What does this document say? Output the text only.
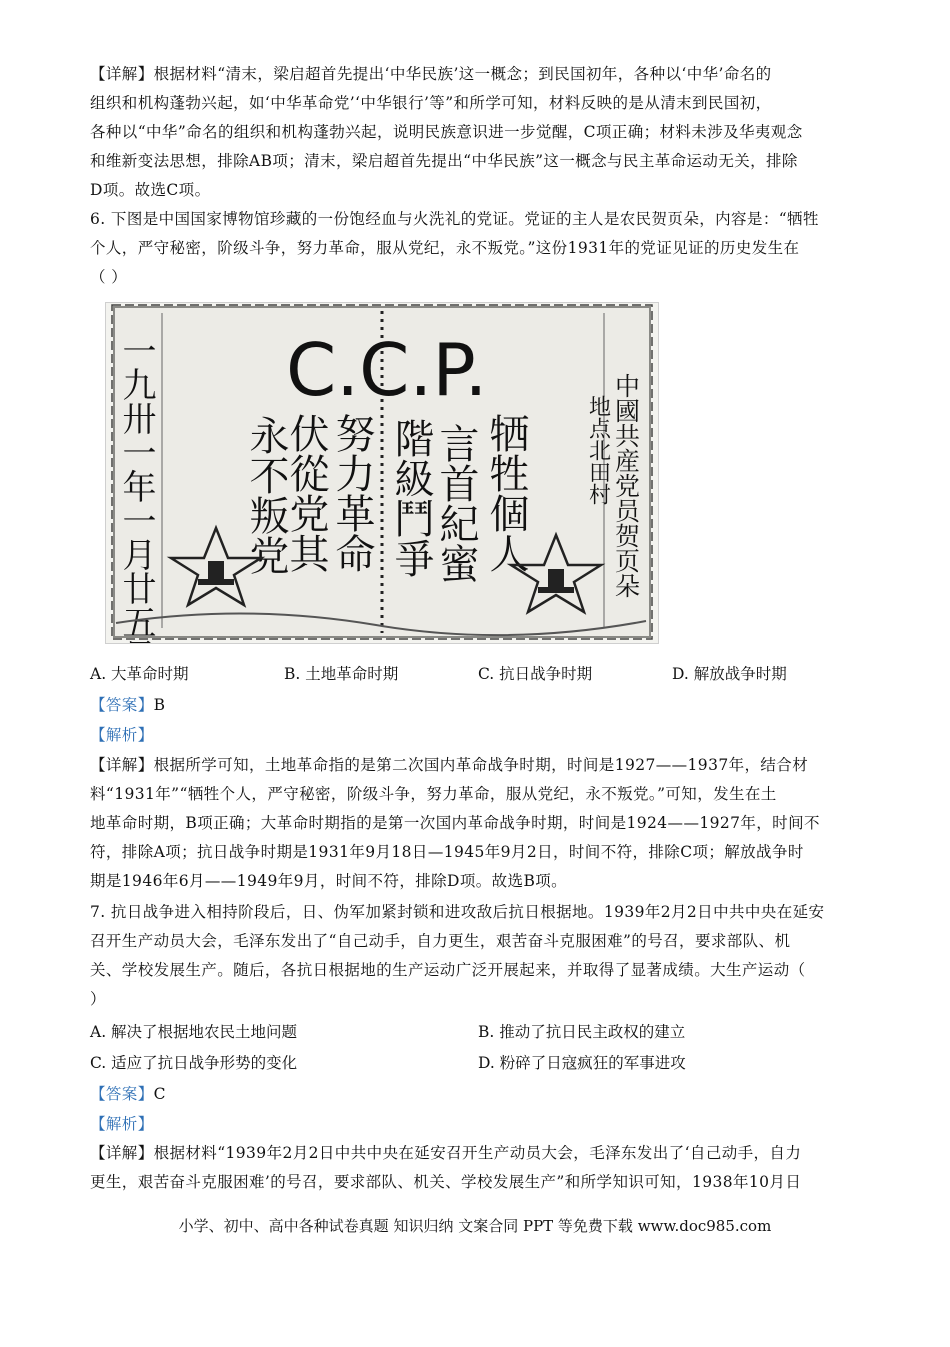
【详解】根据材料“清末，梁启超首先提出‘中华民族’这一概念；到民国初年，各种以‘中华’命名的
组织和机构蓬勃兴起，如‘中华革命党’‘中华银行’等”和所学可知，材料反映的是从清末到民国初，
各种以“中华”命名的组织和机构蓬勃兴起，说明民族意识进一步觉醒，C项正确；材料未涉及华夷观念
和维新变法思想，排除AB项；清末，梁启超首先提出“中华民族”这一概念与民主革命运动无关，排除
D项。故选C项。
6. 下图是中国国家博物馆珍藏的一份饱经血与火洗礼的党证。党证的主人是农民贺页朵，内容是：“牺牲
个人，严守秘密，阶级斗争，努力革命，服从党纪，永不叛党。”这份1931年的党证见证的历史发生在
（ ）
C.C.P.
一九卅一年一月廿五号	牺牲個人
言首紀蜜
階級鬥爭
努力革命
伏從党其
永不叛党	中國共産党员贺页朵
地点北田村
A. 大革命时期	B. 土地革命时期	C. 抗日战争时期	D. 解放战争时期
【答案】B
【解析】
【详解】根据所学可知，土地革命指的是第二次国内革命战争时期，时间是1927——1937年，结合材
料“1931年”“牺牲个人，严守秘密，阶级斗争，努力革命，服从党纪，永不叛党。”可知，发生在土
地革命时期，B项正确；大革命时期指的是第一次国内革命战争时期，时间是1924——1927年，时间不
符，排除A项；抗日战争时期是1931年9月18日—1945年9月2日，时间不符，排除C项；解放战争时
期是1946年6月——1949年9月，时间不符，排除D项。故选B项。
7. 抗日战争进入相持阶段后，日、伪军加紧封锁和进攻敌后抗日根据地。1939年2月2日中共中央在延安
召开生产动员大会，毛泽东发出了“自己动手，自力更生，艰苦奋斗克服困难”的号召，要求部队、机
关、学校发展生产。随后，各抗日根据地的生产运动广泛开展起来，并取得了显著成绩。大生产运动（
）
A. 解决了根据地农民土地问题	B. 推动了抗日民主政权的建立
C. 适应了抗日战争形势的变化	D. 粉碎了日寇疯狂的军事进攻
【答案】C
【解析】
【详解】根据材料“1939年2月2日中共中央在延安召开生产动员大会，毛泽东发出了‘自己动手，自力
更生，艰苦奋斗克服困难’的号召，要求部队、机关、学校发展生产”和所学知识可知，1938年10月日
小学、初中、高中各种试卷真题 知识归纳 文案合同 PPT 等免费下载 www.doc985.com
